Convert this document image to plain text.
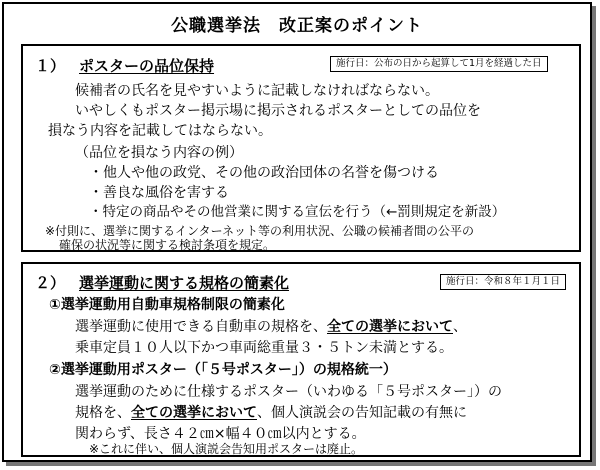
公職選挙法　改正案のポイント
１） ポスターの品位保持	施行日：公布の日から起算して1月を経過した日
候補者の氏名を見やすいように記載しなければならない。
いやしくもポスター掲示場に掲示されるポスターとしての品位を
損なう内容を記載してはならない。
（品位を損なう内容の例）
・他人や他の政党、その他の政治団体の名誉を傷つける
・善良な風俗を害する
・特定の商品やその他営業に関する宣伝を行う（←罰則規定を新設）
※付則に、選挙に関するインターネット等の利用状況、公職の候補者間の公平の
確保の状況等に関する検討条項を規定。
２） 選挙運動に関する規格の簡素化	施行日：令和８年１月１日
①選挙運動用自動車規格制限の簡素化
選挙運動に使用できる自動車の規格を、全ての選挙において、
乗車定員１０人以下かつ車両総重量３・５トン未満とする。
②選挙運動用ポスター（「５号ポスター」）の規格統一）
選挙運動のために仕様するポスター（いわゆる「５号ポスター」）の
規格を、全ての選挙において、個人演説会の告知記載の有無に
関わらず、長さ４２㎝×幅４０㎝以内とする。
※これに伴い、個人演説会告知用ポスターは廃止。
